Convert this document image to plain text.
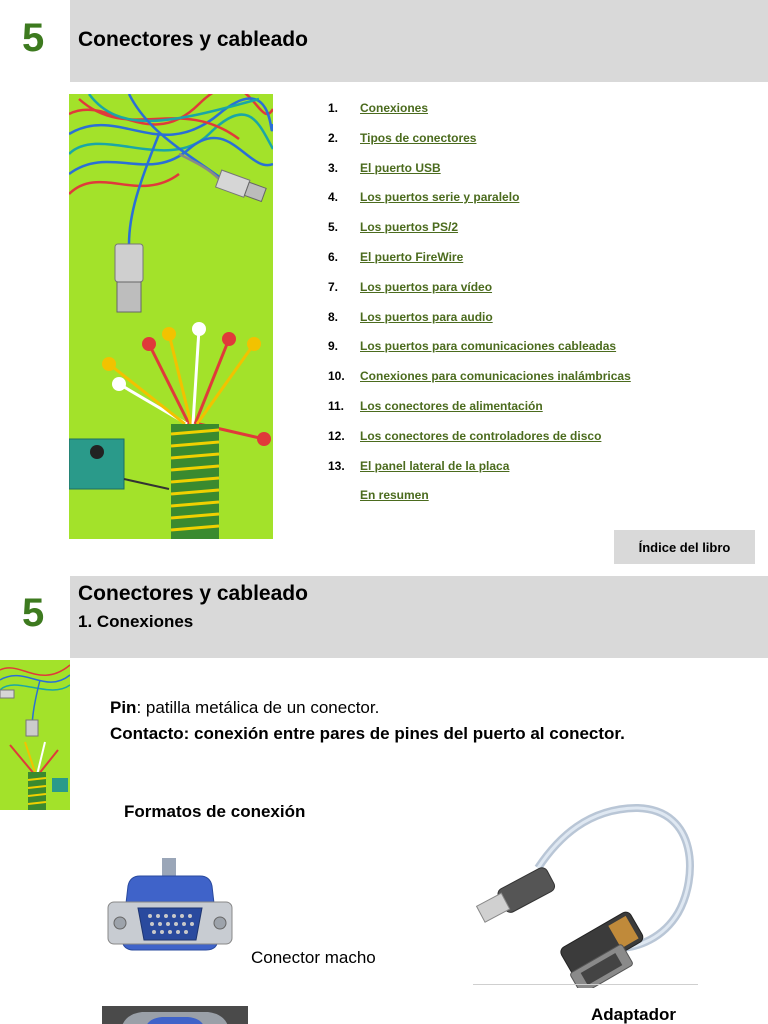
5 Conectores y cableado
1.	Conexiones
2.	Tipos de conectores
3.	El puerto USB
4.	Los puertos serie y paralelo
5.	Los puertos PS/2
6.	El puerto FireWire
7.	Los puertos para vídeo
8.	Los puertos para audio
9.	Los puertos para comunicaciones cableadas
10.	Conexiones para comunicaciones inalámbricas
11.	Los conectores de alimentación
12.	Los conectores de controladores de disco
13.	El panel lateral de la placa
En resumen
Índice del libro
5 Conectores y cableado
1. Conexiones

Pin: patilla metálica de un conector.

Contacto: conexión entre pares de pines del puerto al conector.

Formatos de conexión
Conector macho
Adaptador
